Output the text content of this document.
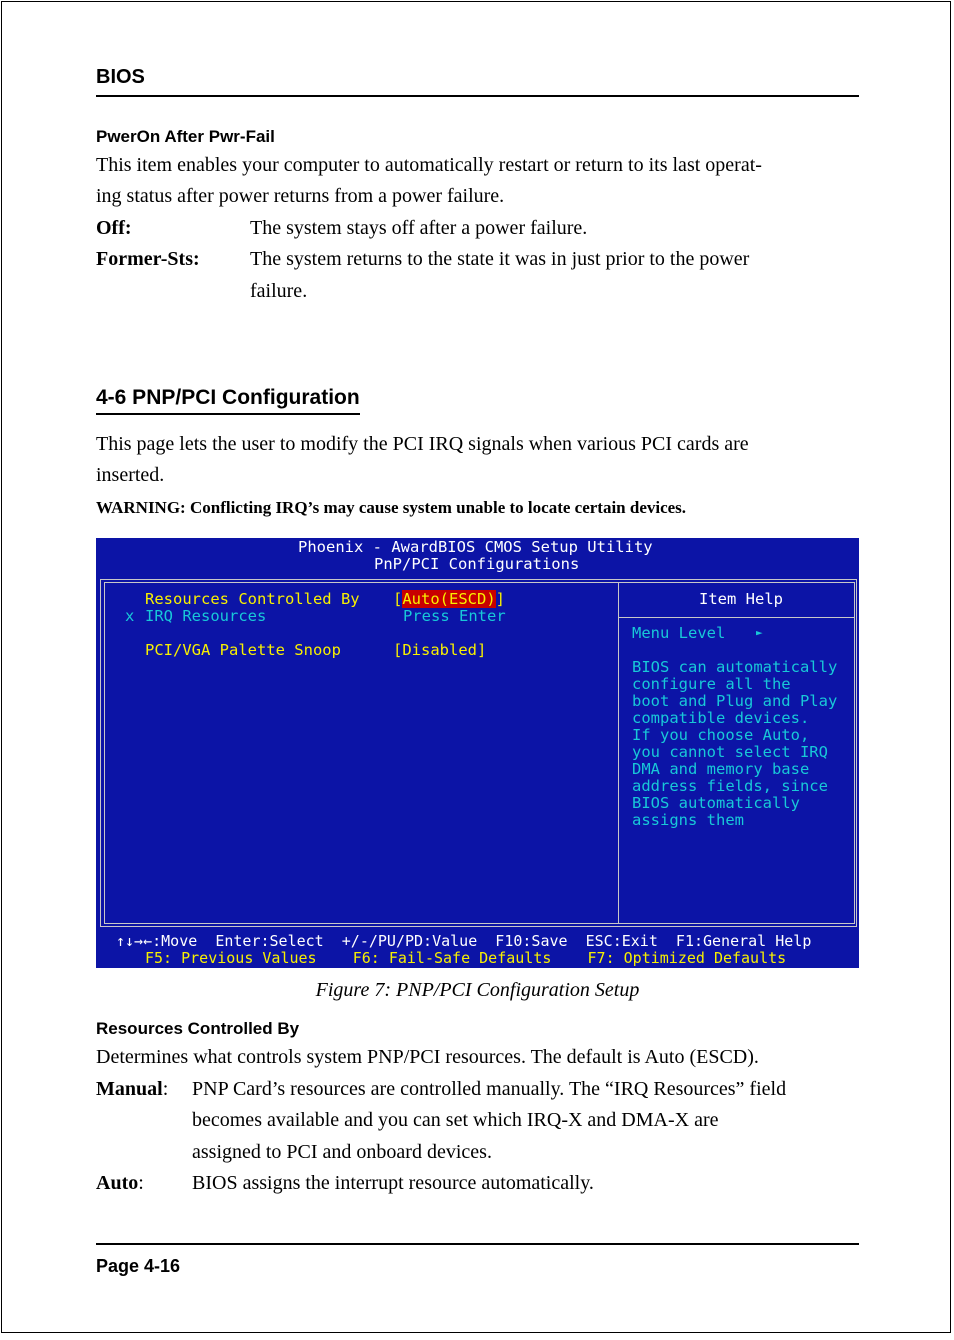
BIOS
PwerOn After Pwr-Fail
This item enables your computer to automatically restart or return to its last operat-
ing status after power returns from a power failure.
Off:	The system stays off after a power failure.
Former-Sts:	The system returns to the state it was in just prior to the power
failure.
4-6 PNP/PCI Configuration
This page lets the user to modify the PCI IRQ signals when various PCI cards are
inserted.
WARNING: Conflicting IRQ’s may cause system unable to locate certain devices.
Phoenix - AwardBIOS CMOS Setup Utility
PnP/PCI Configurations
Resources Controlled By [Auto(ESCD)]
x IRQ Resources	Press Enter
PCI/VGA Palette Snoop	[Disabled]
Item Help
Menu Level	►
BIOS can automatically
configure all the
boot and Plug and Play
compatible devices.
If you choose Auto,
you cannot select IRQ
DMA and memory base
address fields, since
BIOS automatically
assigns them
↑↓→←:Move  Enter:Select  +/-/PU/PD:Value  F10:Save  ESC:Exit  F1:General Help
F5: Previous Values    F6: Fail-Safe Defaults    F7: Optimized Defaults
Figure 7: PNP/PCI Configuration Setup
Resources Controlled By
Determines what controls system PNP/PCI resources. The default is Auto (ESCD).
Manual: PNP Card’s resources are controlled manually. The “IRQ Resources” field
becomes available and you can set which IRQ-X and DMA-X are
assigned to PCI and onboard devices.
Auto: BIOS assigns the interrupt resource automatically.
Page 4-16
